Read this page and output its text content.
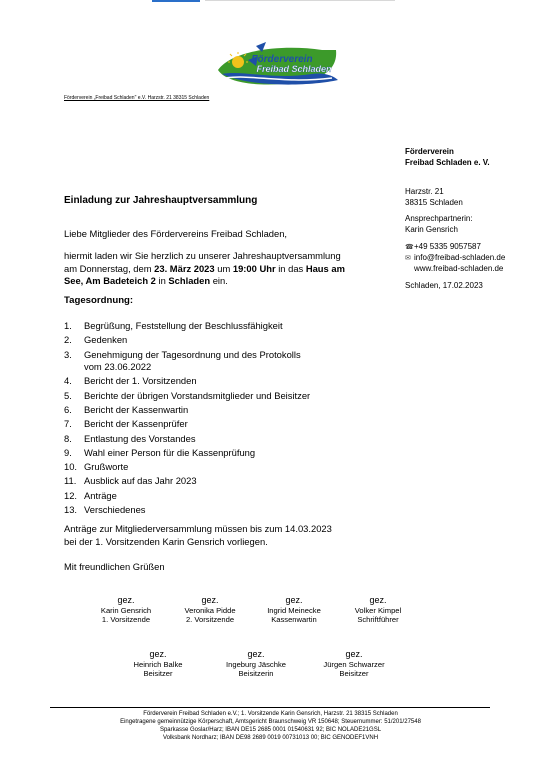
Förderverein
Freibad Schladen
Förderverein „Freibad Schladen" e.V. Harzstr. 21 38315 Schladen
Förderverein
Freibad Schladen e. V.
Harzstr. 21
38315 Schladen
Ansprechpartnerin:
Karin Gensrich
☎+49 5335 9057587
✉ info@freibad-schladen.de
www.freibad-schladen.de
Schladen, 17.02.2023
Einladung zur Jahreshauptversammlung
Liebe Mitglieder des Fördervereins Freibad Schladen,
hiermit laden wir Sie herzlich zu unserer Jahreshauptversammlung
am Donnerstag, dem 23. März 2023 um 19:00 Uhr in das Haus am
See, Am Badeteich 2 in Schladen ein.
Tagesordnung:
1. Begrüßung, Feststellung der Beschlussfähigkeit
2. Gedenken
3. Genehmigung der Tagesordnung und des Protokolls
vom 23.06.2022
4. Bericht der 1. Vorsitzenden
5. Berichte der übrigen Vorstandsmitglieder und Beisitzer
6. Bericht der Kassenwartin
7. Bericht der Kassenprüfer
8. Entlastung des Vorstandes
9. Wahl einer Person für die Kassenprüfung
10. Grußworte
11. Ausblick auf das Jahr 2023
12. Anträge
13. Verschiedenes
Anträge zur Mitgliederversammlung müssen bis zum 14.03.2023
bei der 1. Vorsitzenden Karin Gensrich vorliegen.
Mit freundlichen Grüßen
gez.
Karin Gensrich
1. Vorsitzende
gez.
Veronika Pidde
2. Vorsitzende
gez.
Ingrid Meinecke
Kassenwartin
gez.
Volker Kimpel
Schriftführer
gez.
Heinrich Balke
Beisitzer
gez.
Ingeburg Jäschke
Beisitzerin
gez.
Jürgen Schwarzer
Beisitzer
Förderverein Freibad Schladen e.V.; 1. Vorsitzende Karin Gensrich, Harzstr. 21 38315 Schladen
Eingetragene gemeinnützige Körperschaft, Amtsgericht Braunschweig VR 150648; Steuernummer: 51/201/27548
Sparkasse Goslar/Harz; IBAN DE15 2685 0001 01540631 92; BIC NOLADE21GSL
Volksbank Nordharz; IBAN DE98 2689 0019 00731013 00; BIC GENODEF1VNH
